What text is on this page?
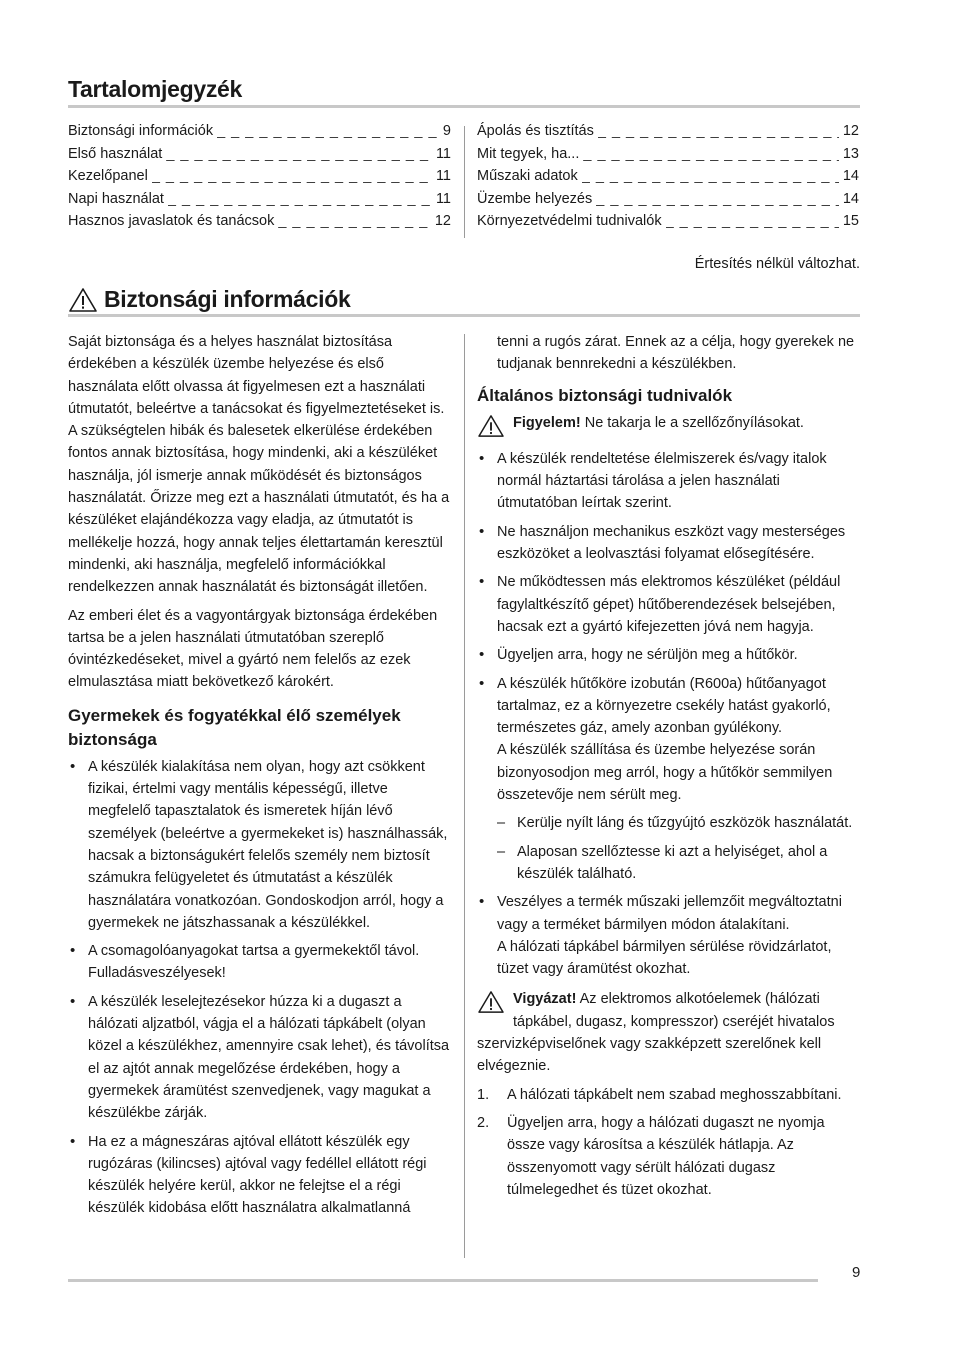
Tartalomjegyzék
Biztonsági információk _ _ _	9
Első használat _ _ _	11
Kezelőpanel _ _ _	11
Napi használat _ _ _	11
Hasznos javaslatok és tanácsok _ _ _	12
Ápolás és tisztítás _ _ _	12
Mit tegyek, ha... _ _ _	13
Műszaki adatok _ _ _	14
Üzembe helyezés _ _ _	14
Környezetvédelmi tudnivalók _ _ _	15
Értesítés nélkül változhat.
Biztonsági információk

Saját biztonsága és a helyes használat biztosítása érdekében a készülék üzembe helyezése és első használata előtt olvassa át figyelmesen ezt a használati útmutatót, beleértve a tanácsokat és figyelmeztetéseket is. A szükségtelen hibák és balesetek elkerülése érdekében fontos annak biztosítása, hogy mindenki, aki a készüléket használja, jól ismerje annak működését és biztonságos használatát. Őrizze meg ezt a használati útmutatót, és ha a készüléket elajándékozza vagy eladja, az útmutatót is mellékelje hozzá, hogy annak teljes élettartamán keresztül mindenki, aki használja, megfelelő információkkal rendelkezzen annak használatát és biztonságát illetően.

Az emberi élet és a vagyontárgyak biztonsága érdekében tartsa be a jelen használati útmutatóban szereplő óvintézkedéseket, mivel a gyártó nem felelős az ezek elmulasztása miatt bekövetkező károkért.

Gyermekek és fogyatékkal élő személyek biztonsága
• A készülék kialakítása nem olyan, hogy azt csökkent fizikai, értelmi vagy mentális képességű, illetve megfelelő tapasztalatok és ismeretek híján lévő személyek (beleértve a gyermekeket is) használhassák, hacsak a biztonságukért felelős személy nem biztosít számukra felügyeletet és útmutatást a készülék használatára vonatkozóan. Gondoskodjon arról, hogy a gyermekek ne játszhassanak a készülékkel.
• A csomagolóanyagokat tartsa a gyermekektől távol. Fulladásveszélyesek!
• A készülék leselejtezésekor húzza ki a dugaszt a hálózati aljzatból, vágja el a hálózati tápkábelt (olyan közel a készülékhez, amennyire csak lehet), és távolítsa el az ajtót annak megelőzése érdekében, hogy a gyermekek áramütést szenvedjenek, vagy magukat a készülékbe zárják.
• Ha ez a mágneszáras ajtóval ellátott készülék egy rugózáras (kilincses) ajtóval vagy fedéllel ellátott régi készülék helyére kerül, akkor ne felejtse el a régi készülék kidobása előtt használatra alkalmatlanná

tenni a rugós zárat. Ennek az a célja, hogy gyerekek ne tudjanak bennrekedni a készülékben.

Általános biztonsági tudnivalók
Figyelem! Ne takarja le a szellőzőnyílásokat.
• A készülék rendeltetése élelmiszerek és/vagy italok normál háztartási tárolása a jelen használati útmutatóban leírtak szerint.
• Ne használjon mechanikus eszközt vagy mesterséges eszközöket a leolvasztási folyamat elősegítésére.
• Ne működtessen más elektromos készüléket (például fagylaltkészítő gépet) hűtőberendezések belsejében, hacsak ezt a gyártó kifejezetten jóvá nem hagyja.
• Ügyeljen arra, hogy ne sérüljön meg a hűtőkör.
• A készülék hűtőköre izobután (R600a) hűtőanyagot tartalmaz, ez a környezetre csekély hatást gyakorló, természetes gáz, amely azonban gyúlékony.
A készülék szállítása és üzembe helyezése során bizonyosodjon meg arról, hogy a hűtőkör semmilyen összetevője nem sérült meg.
– Kerülje nyílt láng és tűzgyújtó eszközök használatát.
– Alaposan szellőztesse ki azt a helyiséget, ahol a készülék található.
• Veszélyes a termék műszaki jellemzőit megváltoztatni vagy a terméket bármilyen módon átalakítani.
A hálózati tápkábel bármilyen sérülése rövidzárlatot, tüzet vagy áramütést okozhat.
Vigyázat! Az elektromos alkotóelemek (hálózati tápkábel, dugasz, kompresszor) cseréjét hivatalos szervizképviselőnek vagy szakképzett szerelőnek kell elvégeznie.
1. A hálózati tápkábelt nem szabad meghosszabbítani.
2. Ügyeljen arra, hogy a hálózati dugaszt ne nyomja össze vagy károsítsa a készülék hátlapja. Az összenyomott vagy sérült hálózati dugasz túlmelegedhet és tüzet okozhat.
9
